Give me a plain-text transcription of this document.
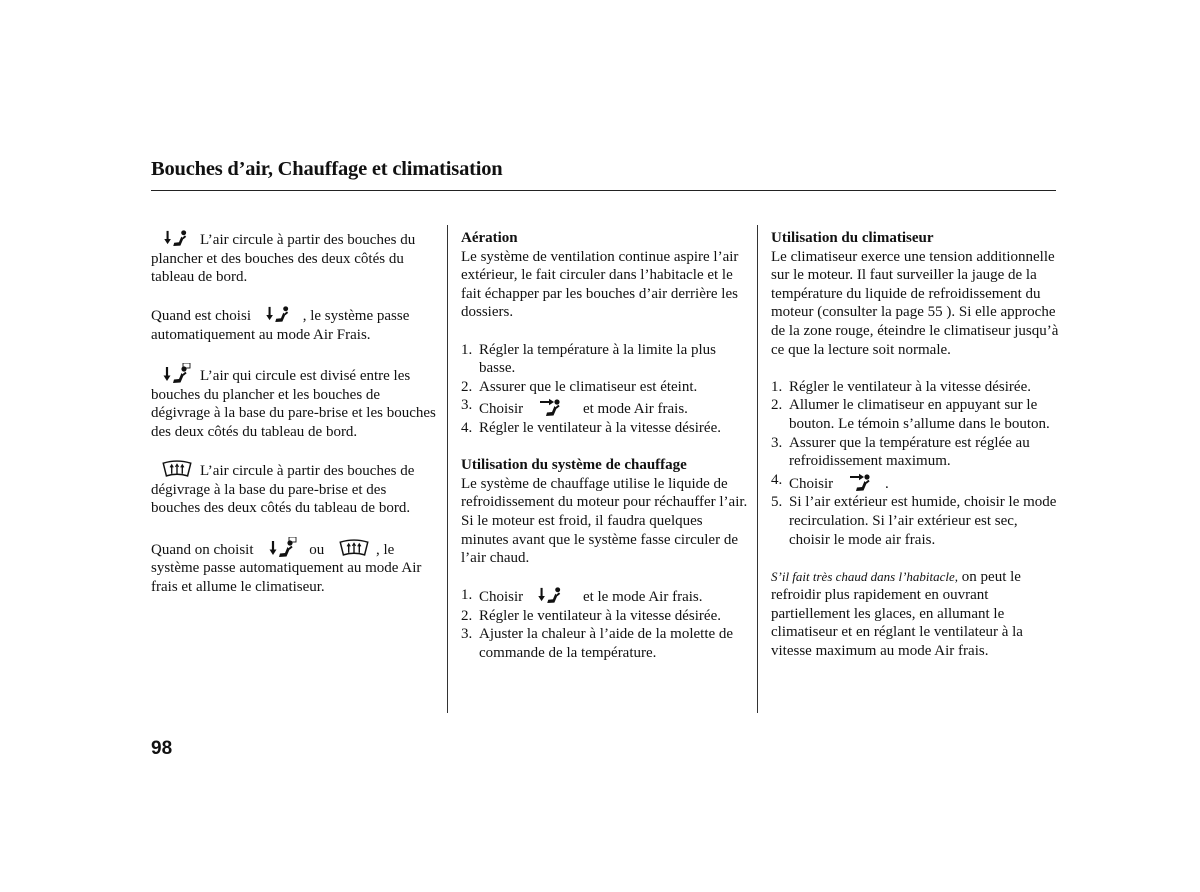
Bouches d’air, Chauffage et climatisation

L’air circule à partir des bouches du plancher et des bouches des deux côtés du tableau de bord.

Quand est choisi	, le système passe automatiquement au mode Air Frais.

L’air qui circule est divisé entre les bouches du plancher et les bouches de dégivrage à la base du pare-brise et les bouches des deux côtés du tableau de bord.

L’air circule à partir des bouches de dégivrage à la base du pare-brise et des bouches des deux côtés du tableau de bord.

Quand on choisit	ou	, le système passe automatiquement au mode Air frais et allume le climatiseur.

Aération

Le système de ventilation continue aspire l’air extérieur, le fait circuler dans l’habitacle et le fait échapper par les bouches d’air derrière les dossiers.

1. Régler la température à la limite la plus basse.
2. Assurer que le climatiseur est éteint.
3. Choisir	et mode Air frais.
4. Régler le ventilateur à la vitesse désirée.

Utilisation du système de chauffage

Le système de chauffage utilise le liquide de refroidissement du moteur pour réchauffer l’air. Si le moteur est froid, il faudra quelques minutes avant que le système fasse circuler de l’air chaud.

1. Choisir	et le mode Air frais.
2. Régler le ventilateur à la vitesse désirée.
3. Ajuster la chaleur à l’aide de la molette de commande de la température.

Utilisation du climatiseur

Le climatiseur exerce une tension additionnelle sur le moteur. Il faut surveiller la jauge de la température du liquide de refroidissement du moteur (consulter la page 55 ). Si elle approche de la zone rouge, éteindre le climatiseur jusqu’à ce que la lecture soit normale.

1. Régler le ventilateur à la vitesse désirée.
2. Allumer le climatiseur en appuyant sur le bouton. Le témoin s’allume dans le bouton.
3. Assurer que la température est réglée au refroidissement maximum.
4. Choisir	.
5. Si l’air extérieur est humide, choisir le mode recirculation. Si l’air extérieur est sec, choisir le mode air frais.

S’il fait très chaud dans l’habitacle, on peut le refroidir plus rapidement en ouvrant partiellement les glaces, en allumant le climatiseur et en réglant le ventilateur à la vitesse maximum au mode Air frais.

98
